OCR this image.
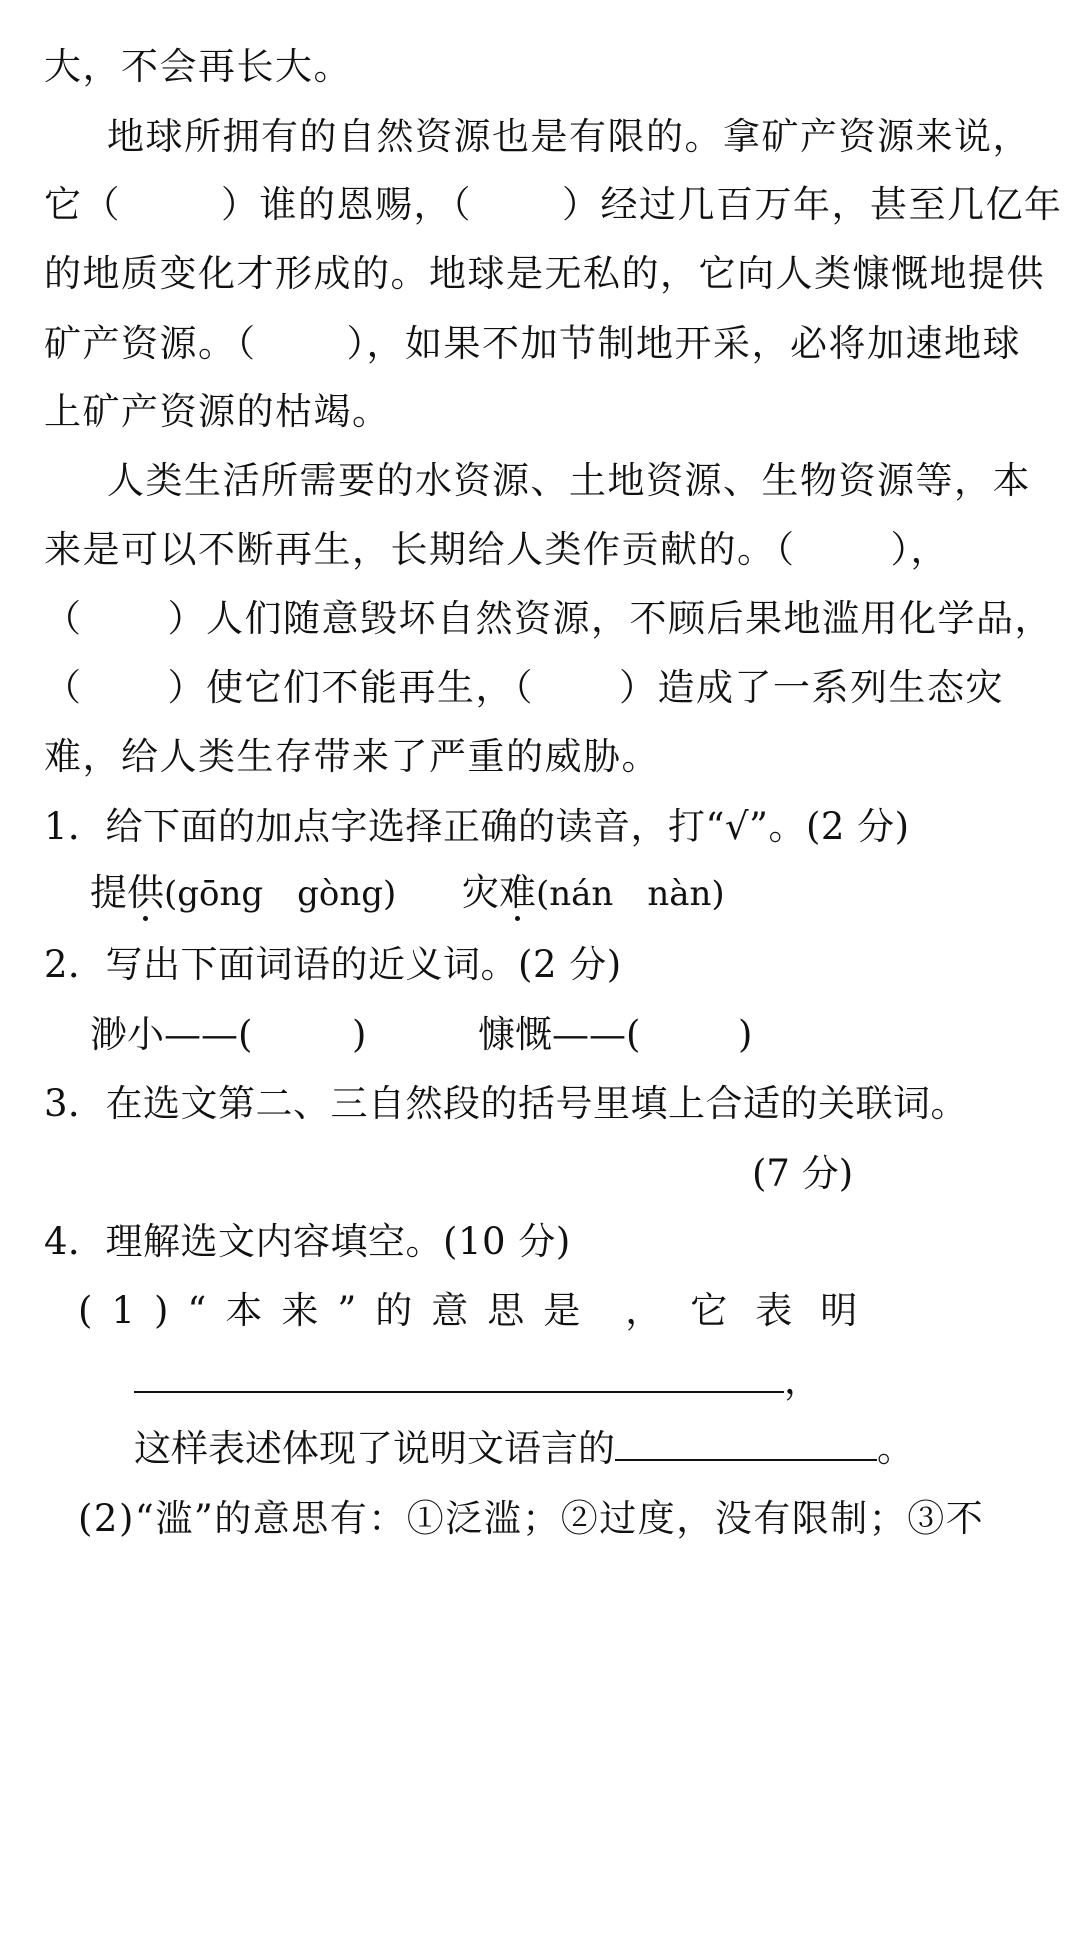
大，不会再长大。
地球所拥有的自然资源也是有限的。拿矿产资源来说，
它（	）谁的恩赐，（ ）经过几百万年，甚至几亿年
的地质变化才形成的。地球是无私的，它向人类慷慨地提供
矿产资源。（ ），如果不加节制地开采，必将加速地球
上矿产资源的枯竭。
人类生活所需要的水资源、土地资源、生物资源等，本
来是可以不断再生，长期给人类作贡献的。（	），
（ ）人们随意毁坏自然资源，不顾后果地滥用化学品，
（ ）使它们不能再生，（ ）造成了一系列生态灾
难，给人类生存带来了严重的威胁。
1．给下面的加点字选择正确的读音，打“√”。(2 分)
提供(gōng　gòng) 灾难(nán　nàn)
2．写出下面词语的近义词。(2 分)
渺小——(	)	慷慨——(	)
3．在选文第二、三自然段的括号里填上合适的关联词。
(7 分)
4．理解选文内容填空。(10 分)
(1)“本来”的意思是 ，它表明
，
这样表述体现了说明文语言的	。
(2)“滥”的意思有：①泛滥；②过度，没有限制；③不
